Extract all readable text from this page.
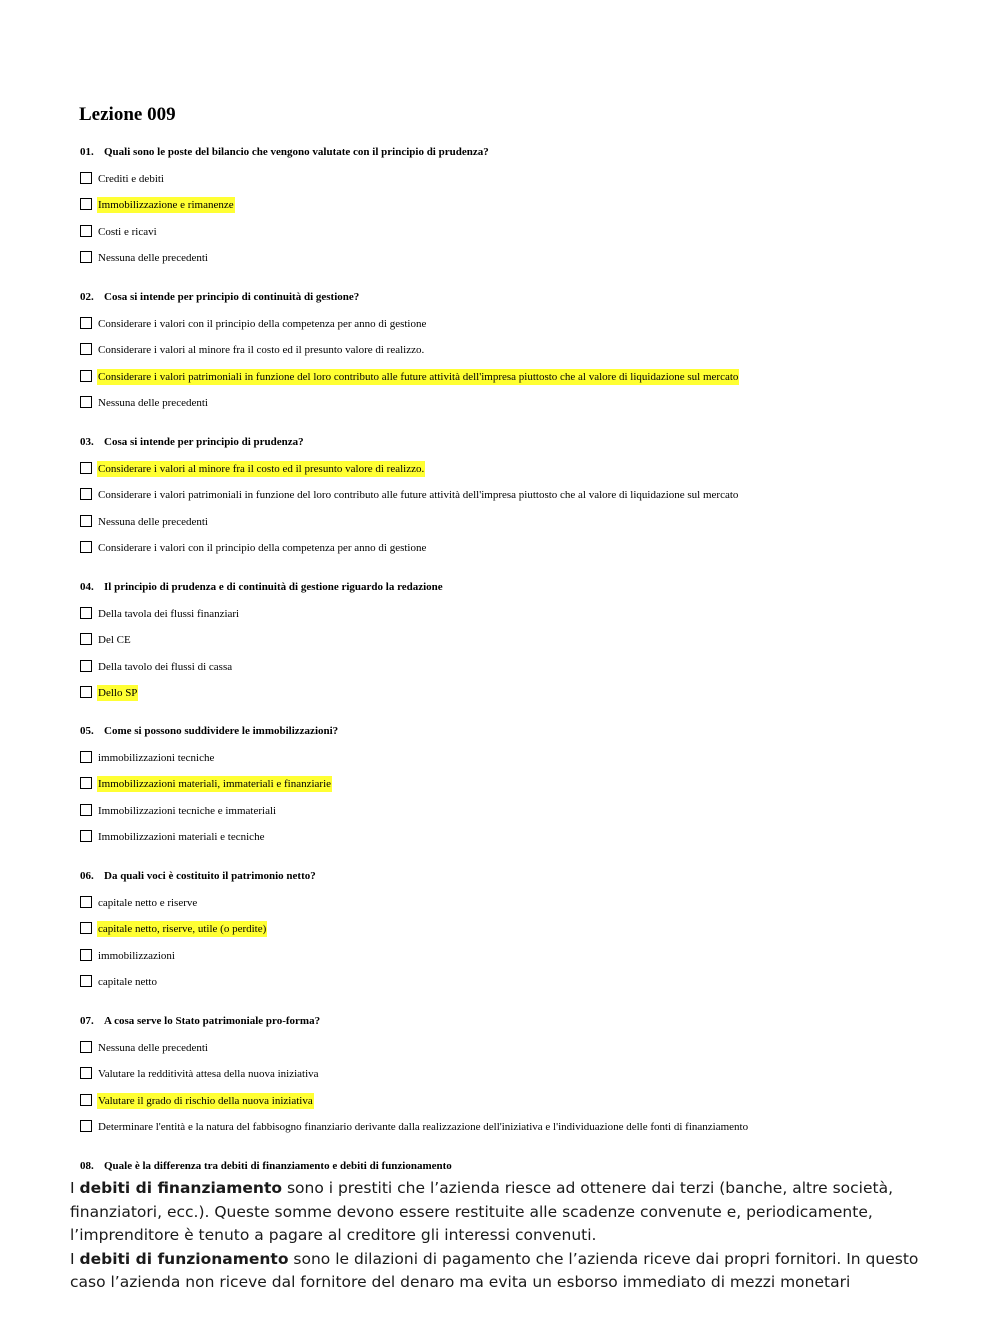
Lezione 009
01. Quali sono le poste del bilancio che vengono valutate con il principio di prudenza?
Crediti e debiti
Immobilizzazione e rimanenze
Costi e ricavi
Nessuna delle precedenti
02. Cosa si intende per principio di continuità di gestione?
Considerare i valori con il principio della competenza per anno di gestione
Considerare i valori al minore fra il costo ed il presunto valore di realizzo.
Considerare i valori patrimoniali in funzione del loro contributo alle future attività dell'impresa piuttosto che al valore di liquidazione sul mercato
Nessuna delle precedenti
03. Cosa si intende per principio di prudenza?
Considerare i valori al minore fra il costo ed il presunto valore di realizzo.
Considerare i valori patrimoniali in funzione del loro contributo alle future attività dell'impresa piuttosto che al valore di liquidazione sul mercato
Nessuna delle precedenti
Considerare i valori con il principio della competenza per anno di gestione
04. Il principio di prudenza e di continuità di gestione riguardo la redazione
Della tavola dei flussi finanziari
Del CE
Della tavolo dei flussi di cassa
Dello SP
05. Come si possono suddividere le immobilizzazioni?
immobilizzazioni tecniche
Immobilizzazioni materiali, immateriali e finanziarie
Immobilizzazioni tecniche e immateriali
Immobilizzazioni materiali e tecniche
06. Da quali voci è costituito il patrimonio netto?
capitale netto e riserve
capitale netto, riserve, utile (o perdite)
immobilizzazioni
capitale netto
07. A cosa serve lo Stato patrimoniale pro-forma?
Nessuna delle precedenti
Valutare la redditività attesa della nuova iniziativa
Valutare il grado di rischio della nuova iniziativa
Determinare l'entità e la natura del fabbisogno finanziario derivante dalla realizzazione dell'iniziativa e l'individuazione delle fonti di finanziamento
08. Quale è la differenza tra debiti di finanziamento e debiti di funzionamento

I debiti di finanziamento sono i prestiti che l’azienda riesce ad ottenere dai terzi (banche, altre società, finanziatori, ecc.). Queste somme devono essere restituite alle scadenze convenute e, periodicamente, l’imprenditore è tenuto a pagare al creditore gli interessi convenuti.

I debiti di funzionamento sono le dilazioni di pagamento che l’azienda riceve dai propri fornitori. In questo caso l’azienda non riceve dal fornitore del denaro ma evita un esborso immediato di mezzi monetari
